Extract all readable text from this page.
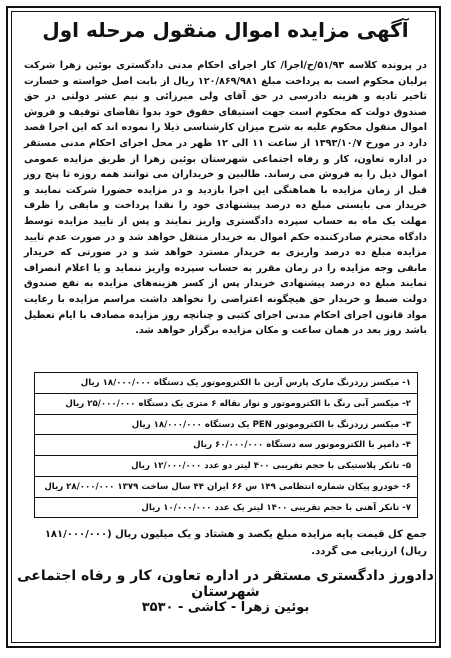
آگهی مزایده اموال منقول مرحله اول
در پرونده کلاسه ۵۱/۹۳/ح/اجرا/ کار اجرای احکام مدنی دادگستری بوئین زهرا شرکت برلیان محکوم است به پرداخت مبلغ ۱۲۰/۸۶۹/۹۸۱ ریال از بابت اصل خواسته و خسارت تاخیر تادیه و هزینه دادرسی در حق آقای ولی میرزائی و نیم عشر دولتی در حق صندوق دولت که محکوم است جهت استیفای حقوق خود بدوا تقاضای توقیف و فروش اموال منقول محکوم علیه به شرح میزان کارشناسی ذیلا را نموده اند که این اجرا قصد دارد در مورخ ۱۳۹۳/۱۰/۷ از ساعت ۱۱ الی ۱۲ ظهر در محل اجرای احکام مدنی مستقر در اداره تعاون، کار و رفاه اجتماعی شهرستان بوئین زهرا از طریق مزایده عمومی اموال ذیل را به فروش می رساند. طالبین و خریداران می توانند همه روزه تا پنج روز قبل از زمان مزایده با هماهنگی این اجرا بازدید و در مزایده حضورا شرکت نمایند و خریدار می بایستی مبلغ ده درصد پیشنهادی خود را نقدا پرداخت و مابقی را ظرف مهلت یک ماه به حساب سپرده دادگستری واریز نمایند و پس از تایید مزایده توسط دادگاه محترم صادرکننده حکم اموال به خریدار منتقل خواهد شد و در صورت عدم تایید مزایده مبلغ ده درصد واریزی به خریدار مسترد خواهد شد و در صورتی که خریدار مابقی وجه مزایده را در زمان مقرر به حساب سپرده واریز ننماید و یا اعلام انصراف نمایند مبلغ ده درصد پیشنهادی خریدار پس از کسر هزینه‌های مزایده به نفع صندوق دولت ضبط و خریدار حق هیچگونه اعتراضی را نخواهد داشت مراسم مزایده با رعایت مواد قانون اجرای احکام مدنی اجرای کتبی و چنانچه روز مزایده مصادف با ایام تعطیل باشد روز بعد در همان ساعت و مکان مزایده برگزار خواهد شد.
۱- میکسر زردرنگ مارک پارس آرین با الکتروموتور یک دستگاه ۱۸/۰۰۰/۰۰۰ ریال
۲- میکسر آبی رنگ با الکتروموتور و نوار نقاله ۶ متری یک دستگاه ۲۵/۰۰۰/۰۰۰ ریال
۳- میکسر زردرنگ با الکتروموتور PEN یک دستگاه ۱۸/۰۰۰/۰۰۰ ریال
۴- دامپر با الکتروموتور سه دستگاه ۶۰/۰۰۰/۰۰۰ ریال
۵- تانکر پلاستیکی با حجم تقریبی ۴۰۰ لیتر دو عدد ۱۲/۰۰۰/۰۰۰ ریال
۶- خودرو پیکان شماره انتظامی ۱۴۹ س ۶۶ ایران ۴۴ سال ساخت ۱۳۷۹ ۲۸/۰۰۰/۰۰۰ ریال
۷- تانکر آهنی با حجم تقریبی ۱۴۰۰ لیتر یک عدد ۱۰/۰۰۰/۰۰۰ ریال
جمع کل قیمت پایه مزایده مبلغ یکصد و هشتاد و یک میلیون ریال (۱۸۱/۰۰۰/۰۰۰ ریال) ارزیابی می گردد.
دادورز دادگستری مستقر در اداره تعاون، کار و رفاه اجتماعی شهرستان
بوئین زهرا - کاشی - ۳۵۳۰
